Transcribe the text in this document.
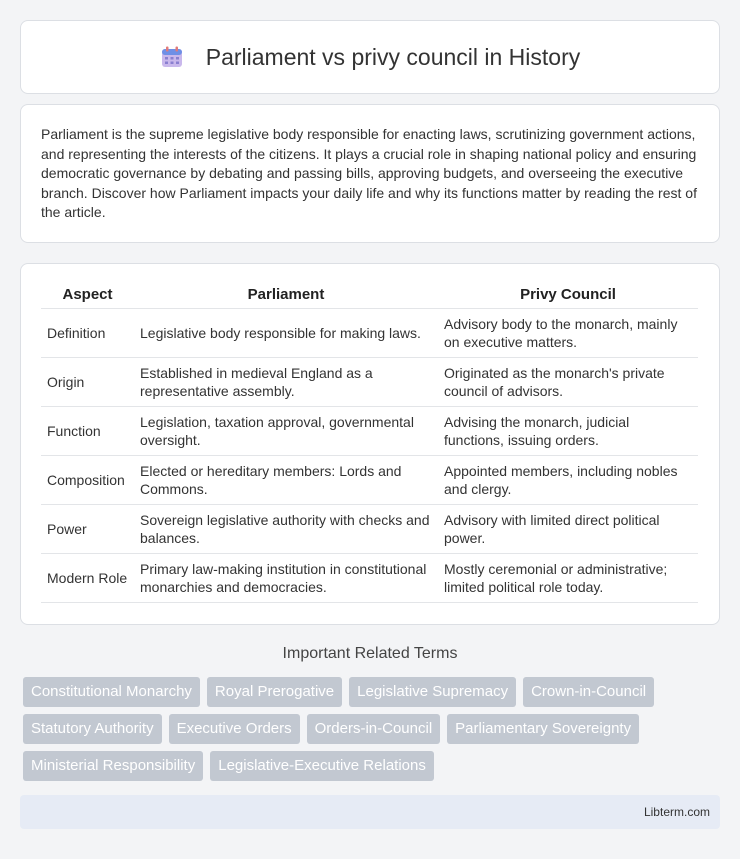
Parliament vs privy council in History

Parliament is the supreme legislative body responsible for enacting laws, scrutinizing government actions, and representing the interests of the citizens. It plays a crucial role in shaping national policy and ensuring democratic governance by debating and passing bills, approving budgets, and overseeing the executive branch. Discover how Parliament impacts your daily life and why its functions matter by reading the rest of the article.

Aspect	Parliament	Privy Council
Definition	Legislative body responsible for making laws.	Advisory body to the monarch, mainly on executive matters.
Origin	Established in medieval England as a representative assembly.	Originated as the monarch's private council of advisors.
Function	Legislation, taxation approval, governmental oversight.	Advising the monarch, judicial functions, issuing orders.
Composition	Elected or hereditary members: Lords and Commons.	Appointed members, including nobles and clergy.
Power	Sovereign legislative authority with checks and balances.	Advisory with limited direct political power.
Modern Role	Primary law-making institution in constitutional monarchies and democracies.	Mostly ceremonial or administrative; limited political role today.
Important Related Terms
Constitutional Monarchy	Royal Prerogative	Legislative Supremacy	Crown-in-Council
Statutory Authority	Executive Orders	Orders-in-Council	Parliamentary Sovereignty
Ministerial Responsibility	Legislative-Executive Relations
Libterm.com
